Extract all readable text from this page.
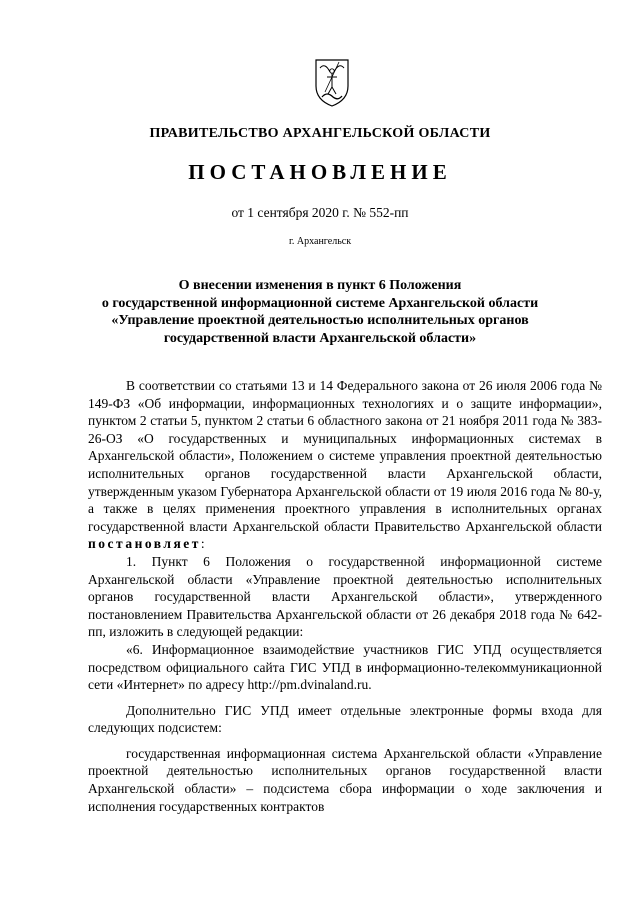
ПРАВИТЕЛЬСТВО АРХАНГЕЛЬСКОЙ ОБЛАСТИ
ПОСТАНОВЛЕНИЕ
от 1 сентября 2020 г. № 552-пп
г. Архангельск
О внесении изменения в пункт 6 Положения
о государственной информационной системе Архангельской области
«Управление проектной деятельностью исполнительных органов
государственной власти Архангельской области»

В соответствии со статьями 13 и 14 Федерального закона от 26 июля 2006 года № 149-ФЗ «Об информации, информационных технологиях и о защите информации», пунктом 2 статьи 5, пунктом 2 статьи 6 областного закона от 21 ноября 2011 года № 383-26-ОЗ «О государственных и муниципальных информационных системах в Архангельской области», Положением о системе управления проектной деятельностью исполнительных органов государственной власти Архангельской области, утвержденным указом Губернатора Архангельской области от 19 июля 2016 года № 80-у, а также в целях применения проектного управления в исполнительных органах государственной власти Архангельской области Правительство Архангельской области постановляет:

1. Пункт 6 Положения о государственной информационной системе Архангельской области «Управление проектной деятельностью исполнительных органов государственной власти Архангельской области», утвержденного постановлением Правительства Архангельской области от 26 декабря 2018 года № 642-пп, изложить в следующей редакции:

«6. Информационное взаимодействие участников ГИС УПД осуществляется посредством официального сайта ГИС УПД в информационно-телекоммуникационной сети «Интернет» по адресу http://pm.dvinaland.ru.

Дополнительно ГИС УПД имеет отдельные электронные формы входа для следующих подсистем:

государственная информационная система Архангельской области «Управление проектной деятельностью исполнительных органов государственной власти Архангельской области» – подсистема сбора информации о ходе заключения и исполнения государственных контрактов
